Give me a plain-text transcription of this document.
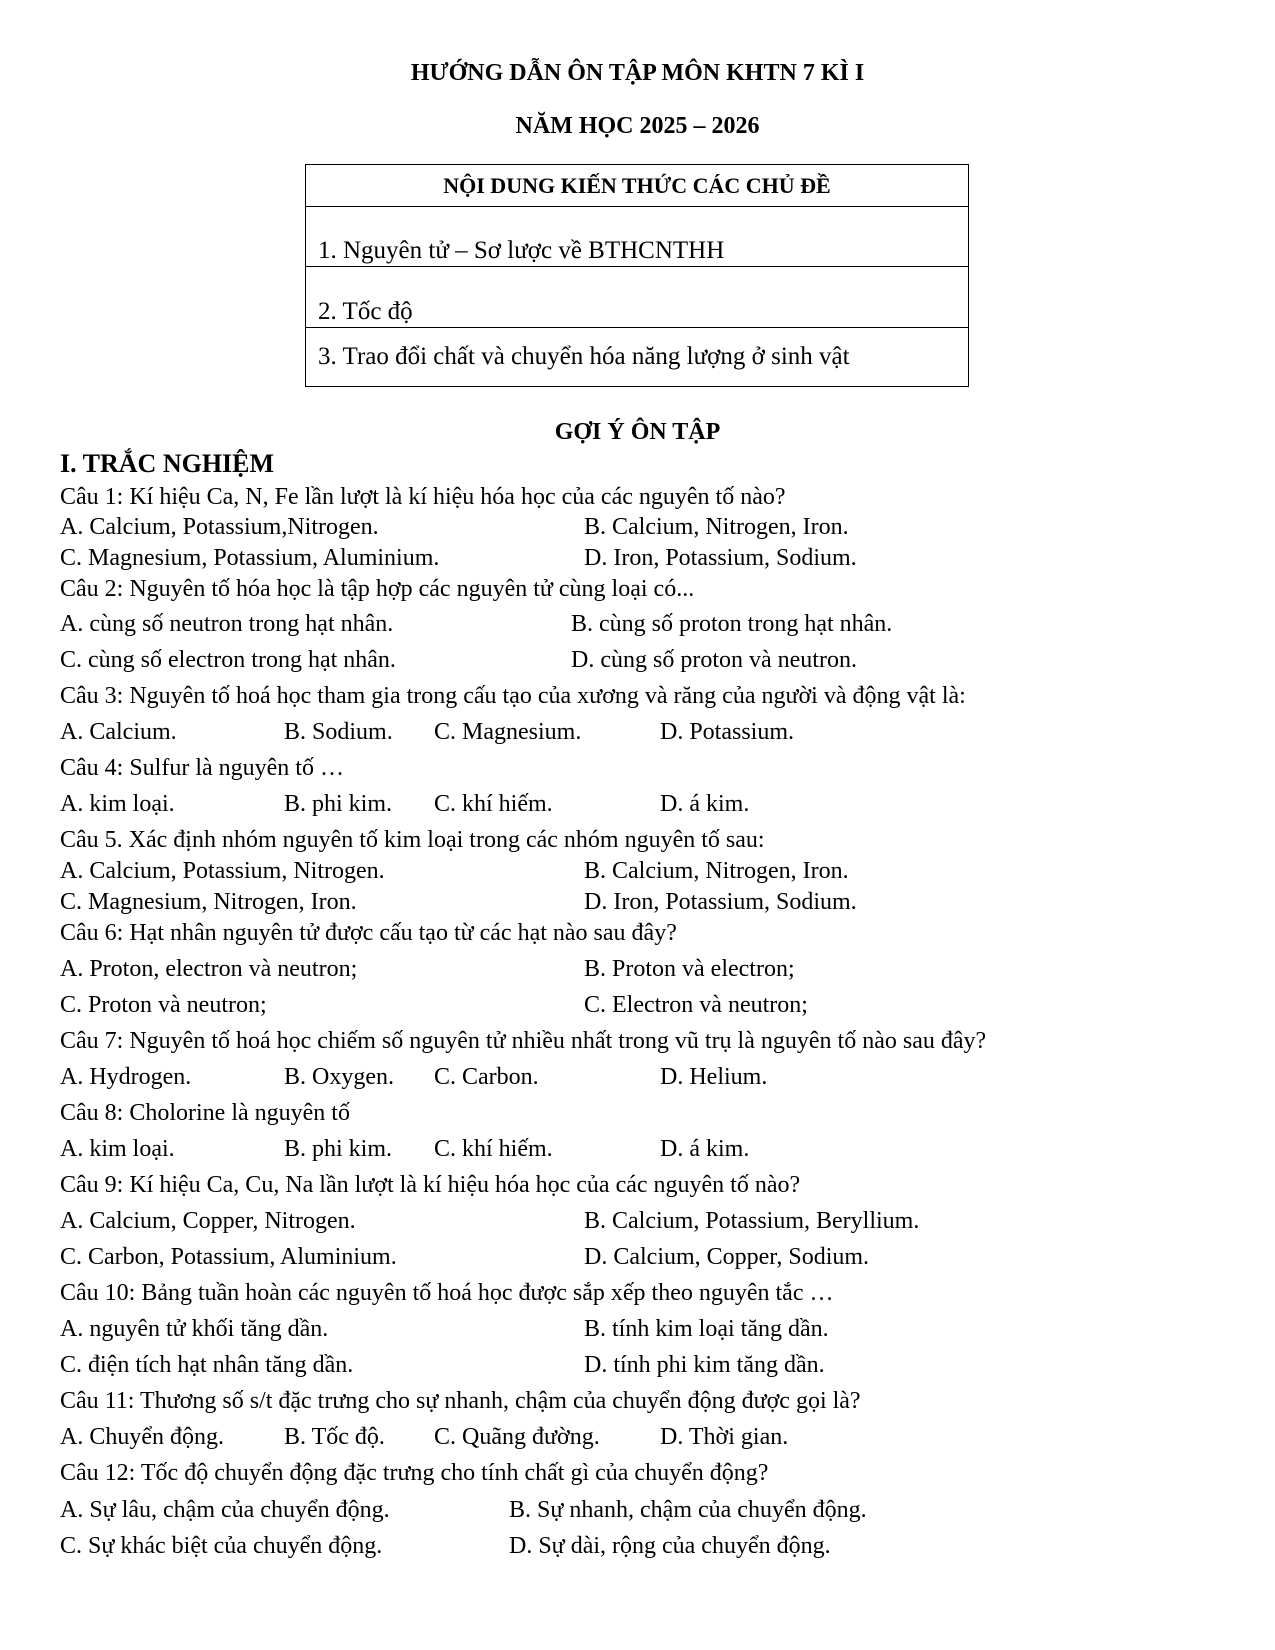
HƯỚNG DẪN ÔN TẬP MÔN KHTN 7 KÌ I
NĂM HỌC 2025 – 2026
NỘI DUNG KIẾN THỨC CÁC CHỦ ĐỀ
1. Nguyên tử – Sơ lược về BTHCNTHH
2. Tốc độ
3. Trao đổi chất và chuyển hóa năng lượng ở sinh vật
GỢI Ý ÔN TẬP
I. TRẮC NGHIỆM
Câu 1: Kí hiệu Ca, N, Fe lần lượt là kí hiệu hóa học của các nguyên tố nào?
A. Calcium, Potassium,Nitrogen.	B. Calcium, Nitrogen, Iron.
C. Magnesium, Potassium, Aluminium.	D. Iron, Potassium, Sodium.
Câu 2: Nguyên tố hóa học là tập hợp các nguyên tử cùng loại có...
A. cùng số neutron trong hạt nhân.	B. cùng số proton trong hạt nhân.
C. cùng số electron trong hạt nhân.	D. cùng số proton và neutron.
Câu 3: Nguyên tố hoá học tham gia trong cấu tạo của xương và răng của người và động vật là:
A. Calcium.	B. Sodium. C. Magnesium.	D. Potassium.
Câu 4: Sulfur là nguyên tố …
A. kim loại.	B. phi kim. C. khí hiếm.	D. á kim.
Câu 5. Xác định nhóm nguyên tố kim loại trong các nhóm nguyên tố sau:
A. Calcium, Potassium, Nitrogen.	B. Calcium, Nitrogen, Iron.
C. Magnesium, Nitrogen, Iron.	D. Iron, Potassium, Sodium.
Câu 6: Hạt nhân nguyên tử được cấu tạo từ các hạt nào sau đây?
A. Proton, electron và neutron;	B. Proton và electron;
C. Proton và neutron;	C. Electron và neutron;
Câu 7: Nguyên tố hoá học chiếm số nguyên tử nhiều nhất trong vũ trụ là nguyên tố nào sau đây?
A. Hydrogen.	B. Oxygen. C. Carbon.	D. Helium.
Câu 8: Cholorine là nguyên tố
A. kim loại.	B. phi kim. C. khí hiếm.	D. á kim.
Câu 9: Kí hiệu Ca, Cu, Na lần lượt là kí hiệu hóa học của các nguyên tố nào?
A. Calcium, Copper, Nitrogen.	B. Calcium, Potassium, Beryllium.
C. Carbon, Potassium, Aluminium.	D. Calcium, Copper, Sodium.
Câu 10: Bảng tuần hoàn các nguyên tố hoá học được sắp xếp theo nguyên tắc …
A. nguyên tử khối tăng dần.	B. tính kim loại tăng dần.
C. điện tích hạt nhân tăng dần.	D. tính phi kim tăng dần.
Câu 11: Thương số s/t đặc trưng cho sự nhanh, chậm của chuyển động được gọi là?
A. Chuyển động.	B. Tốc độ. C. Quãng đường.	D. Thời gian.
Câu 12: Tốc độ chuyển động đặc trưng cho tính chất gì của chuyển động?
A. Sự lâu, chậm của chuyển động.	B. Sự nhanh, chậm của chuyển động.
C. Sự khác biệt của chuyển động.	D. Sự dài, rộng của chuyển động.
